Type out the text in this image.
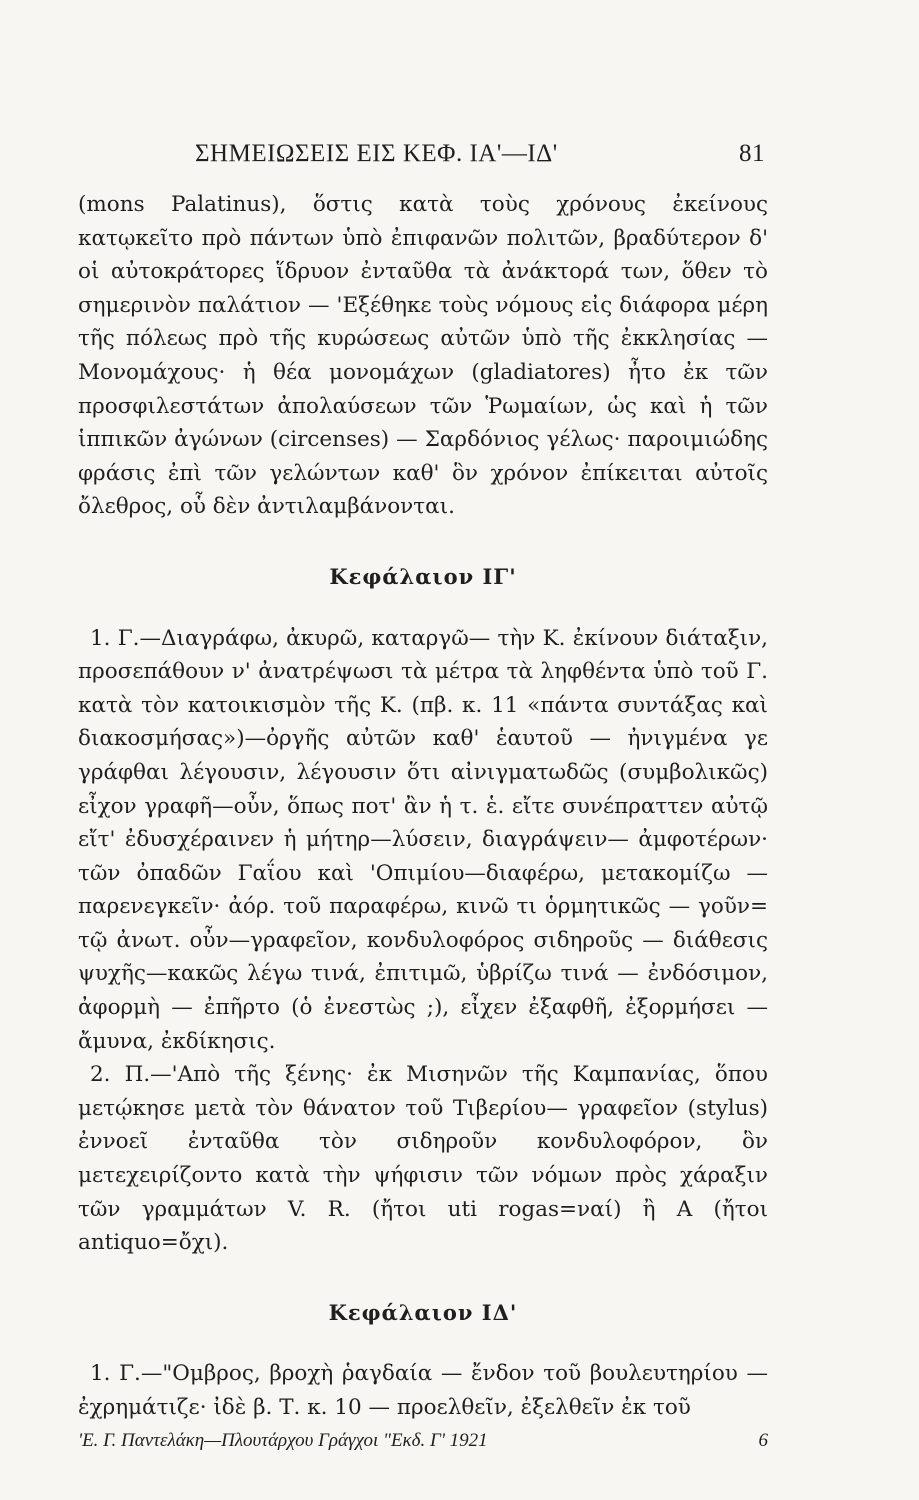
ΣΗΜΕΙΩΣΕΙΣ ΕΙΣ ΚΕΦ. ΙΑ'—ΙΔ'	81

(mons Palatinus), ὅστις κατὰ τοὺς χρόνους ἐκείνους κατῳκεῖτο πρὸ πάντων ὑπὸ ἐπιφανῶν πολιτῶν, βραδύτερον δ' οἱ αὐτοκράτορες ἵδρυον ἐνταῦθα τὰ ἀνάκτορά των, ὅθεν τὸ σημερινὸν παλάτιον — 'Εξέθηκε τοὺς νόμους εἰς διάφορα μέρη τῆς πόλεως πρὸ τῆς κυρώσεως αὐτῶν ὑπὸ τῆς ἐκκλησίας — Μονομάχους· ἡ θέα μονομάχων (gladiatores) ἦτο ἐκ τῶν προσφιλεστάτων ἀπολαύσεων τῶν Ῥωμαίων, ὡς καὶ ἡ τῶν ἱππικῶν ἀγώνων (circenses) — Σαρδόνιος γέλως· παροιμιώδης φράσις ἐπὶ τῶν γελώντων καθ' ὃν χρόνον ἐπίκειται αὐτοῖς ὄλεθρος, οὗ δὲν ἀντιλαμβάνονται.

Κεφάλαιον ΙΓ'

1. Γ.—Διαγράφω, ἀκυρῶ, καταργῶ— τὴν Κ. ἐκίνουν διάταξιν, προσεπάθουν ν' ἀνατρέψωσι τὰ μέτρα τὰ ληφθέντα ὑπὸ τοῦ Γ. κατὰ τὸν κατοικισμὸν τῆς Κ. (πβ. κ. 11 «πάντα συντάξας καὶ διακοσμήσας»)—ὀργῆς αὐτῶν καθ' ἑαυτοῦ — ἠνιγμένα γε γράφθαι λέγουσιν, λέγουσιν ὅτι αἰνιγματωδῶς (συμβολικῶς) εἶχον γραφῆ—οὖν, ὅπως ποτ' ἂν ἡ τ. ἑ. εἴτε συνέπραττεν αὐτῷ εἴτ' ἐδυσχέραινεν ἡ μήτηρ—λύσειν, διαγράψειν— ἀμφοτέρων· τῶν ὀπαδῶν Γαΐου καὶ 'Οπιμίου—διαφέρω, μετακομίζω — παρενεγκεῖν· ἀόρ. τοῦ παραφέρω, κινῶ τι ὁρμητικῶς — γοῦν= τῷ ἀνωτ. οὖν—γραφεῖον, κονδυλοφόρος σιδηροῦς — διάθεσις ψυχῆς—κακῶς λέγω τινά, ἐπιτιμῶ, ὑβρίζω τινά — ἐνδόσιμον, ἀφορμὴ — ἐπῆρτο (ὁ ἐνεστὼς ;), εἶχεν ἐξαφθῆ, ἐξορμήσει — ἄμυνα, ἐκδίκησις.

2. Π.—'Απὸ τῆς ξένης· ἐκ Μισηνῶν τῆς Καμπανίας, ὅπου μετῴκησε μετὰ τὸν θάνατον τοῦ Τιβερίου— γραφεῖον (stylus) ἐννοεῖ ἐνταῦθα τὸν σιδηροῦν κονδυλοφόρον, ὃν μετεχειρίζοντο κατὰ τὴν ψήφισιν τῶν νόμων πρὸς χάραξιν τῶν γραμμάτων V. R. (ἤτοι uti rogas=ναί) ἢ A (ἤτοι antiquo=ὄχι).

Κεφάλαιον ΙΔ'

1. Γ.—"Ομβρος, βροχὴ ῥαγδαία — ἔνδον τοῦ βουλευτηρίου —ἐχρημάτιζε· ἰδὲ β. Τ. κ. 10 — προελθεῖν, ἐξελθεῖν ἐκ τοῦ

'Ε. Γ. Παντελάκη—Πλουτάρχου Γράγχοι "Εκδ. Γ' 1921	6
